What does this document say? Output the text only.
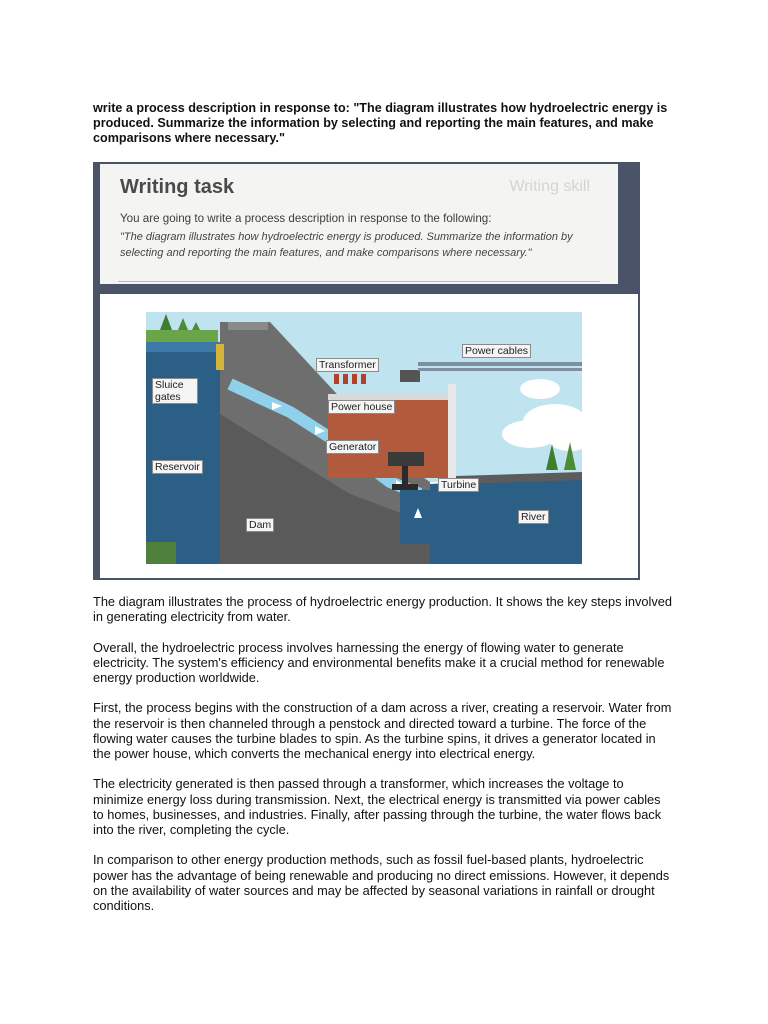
write a process description in response to: "The diagram illustrates how hydroelectric energy is produced. Summarize the information by selecting and reporting the main features, and make comparisons where necessary."
Writing task	Writing skill
You are going to write a process description in response to the following:
"The diagram illustrates how hydroelectric energy is produced. Summarize the information by selecting and reporting the main features, and make comparisons where necessary."
Sluice gates
Reservoir
Dam
Transformer
Power cables
Power house
Generator
Turbine
River

The diagram illustrates the process of hydroelectric energy production. It shows the key steps involved in generating electricity from water.

Overall, the hydroelectric process involves harnessing the energy of flowing water to generate electricity. The system's efficiency and environmental benefits make it a crucial method for renewable energy production worldwide.

First, the process begins with the construction of a dam across a river, creating a reservoir. Water from the reservoir is then channeled through a penstock and directed toward a turbine. The force of the flowing water causes the turbine blades to spin. As the turbine spins, it drives a generator located in the power house, which converts the mechanical energy into electrical energy.

The electricity generated is then passed through a transformer, which increases the voltage to minimize energy loss during transmission. Next, the electrical energy is transmitted via power cables to homes, businesses, and industries. Finally, after passing through the turbine, the water flows back into the river, completing the cycle.

In comparison to other energy production methods, such as fossil fuel-based plants, hydroelectric power has the advantage of being renewable and producing no direct emissions. However, it depends on the availability of water sources and may be affected by seasonal variations in rainfall or drought conditions.
